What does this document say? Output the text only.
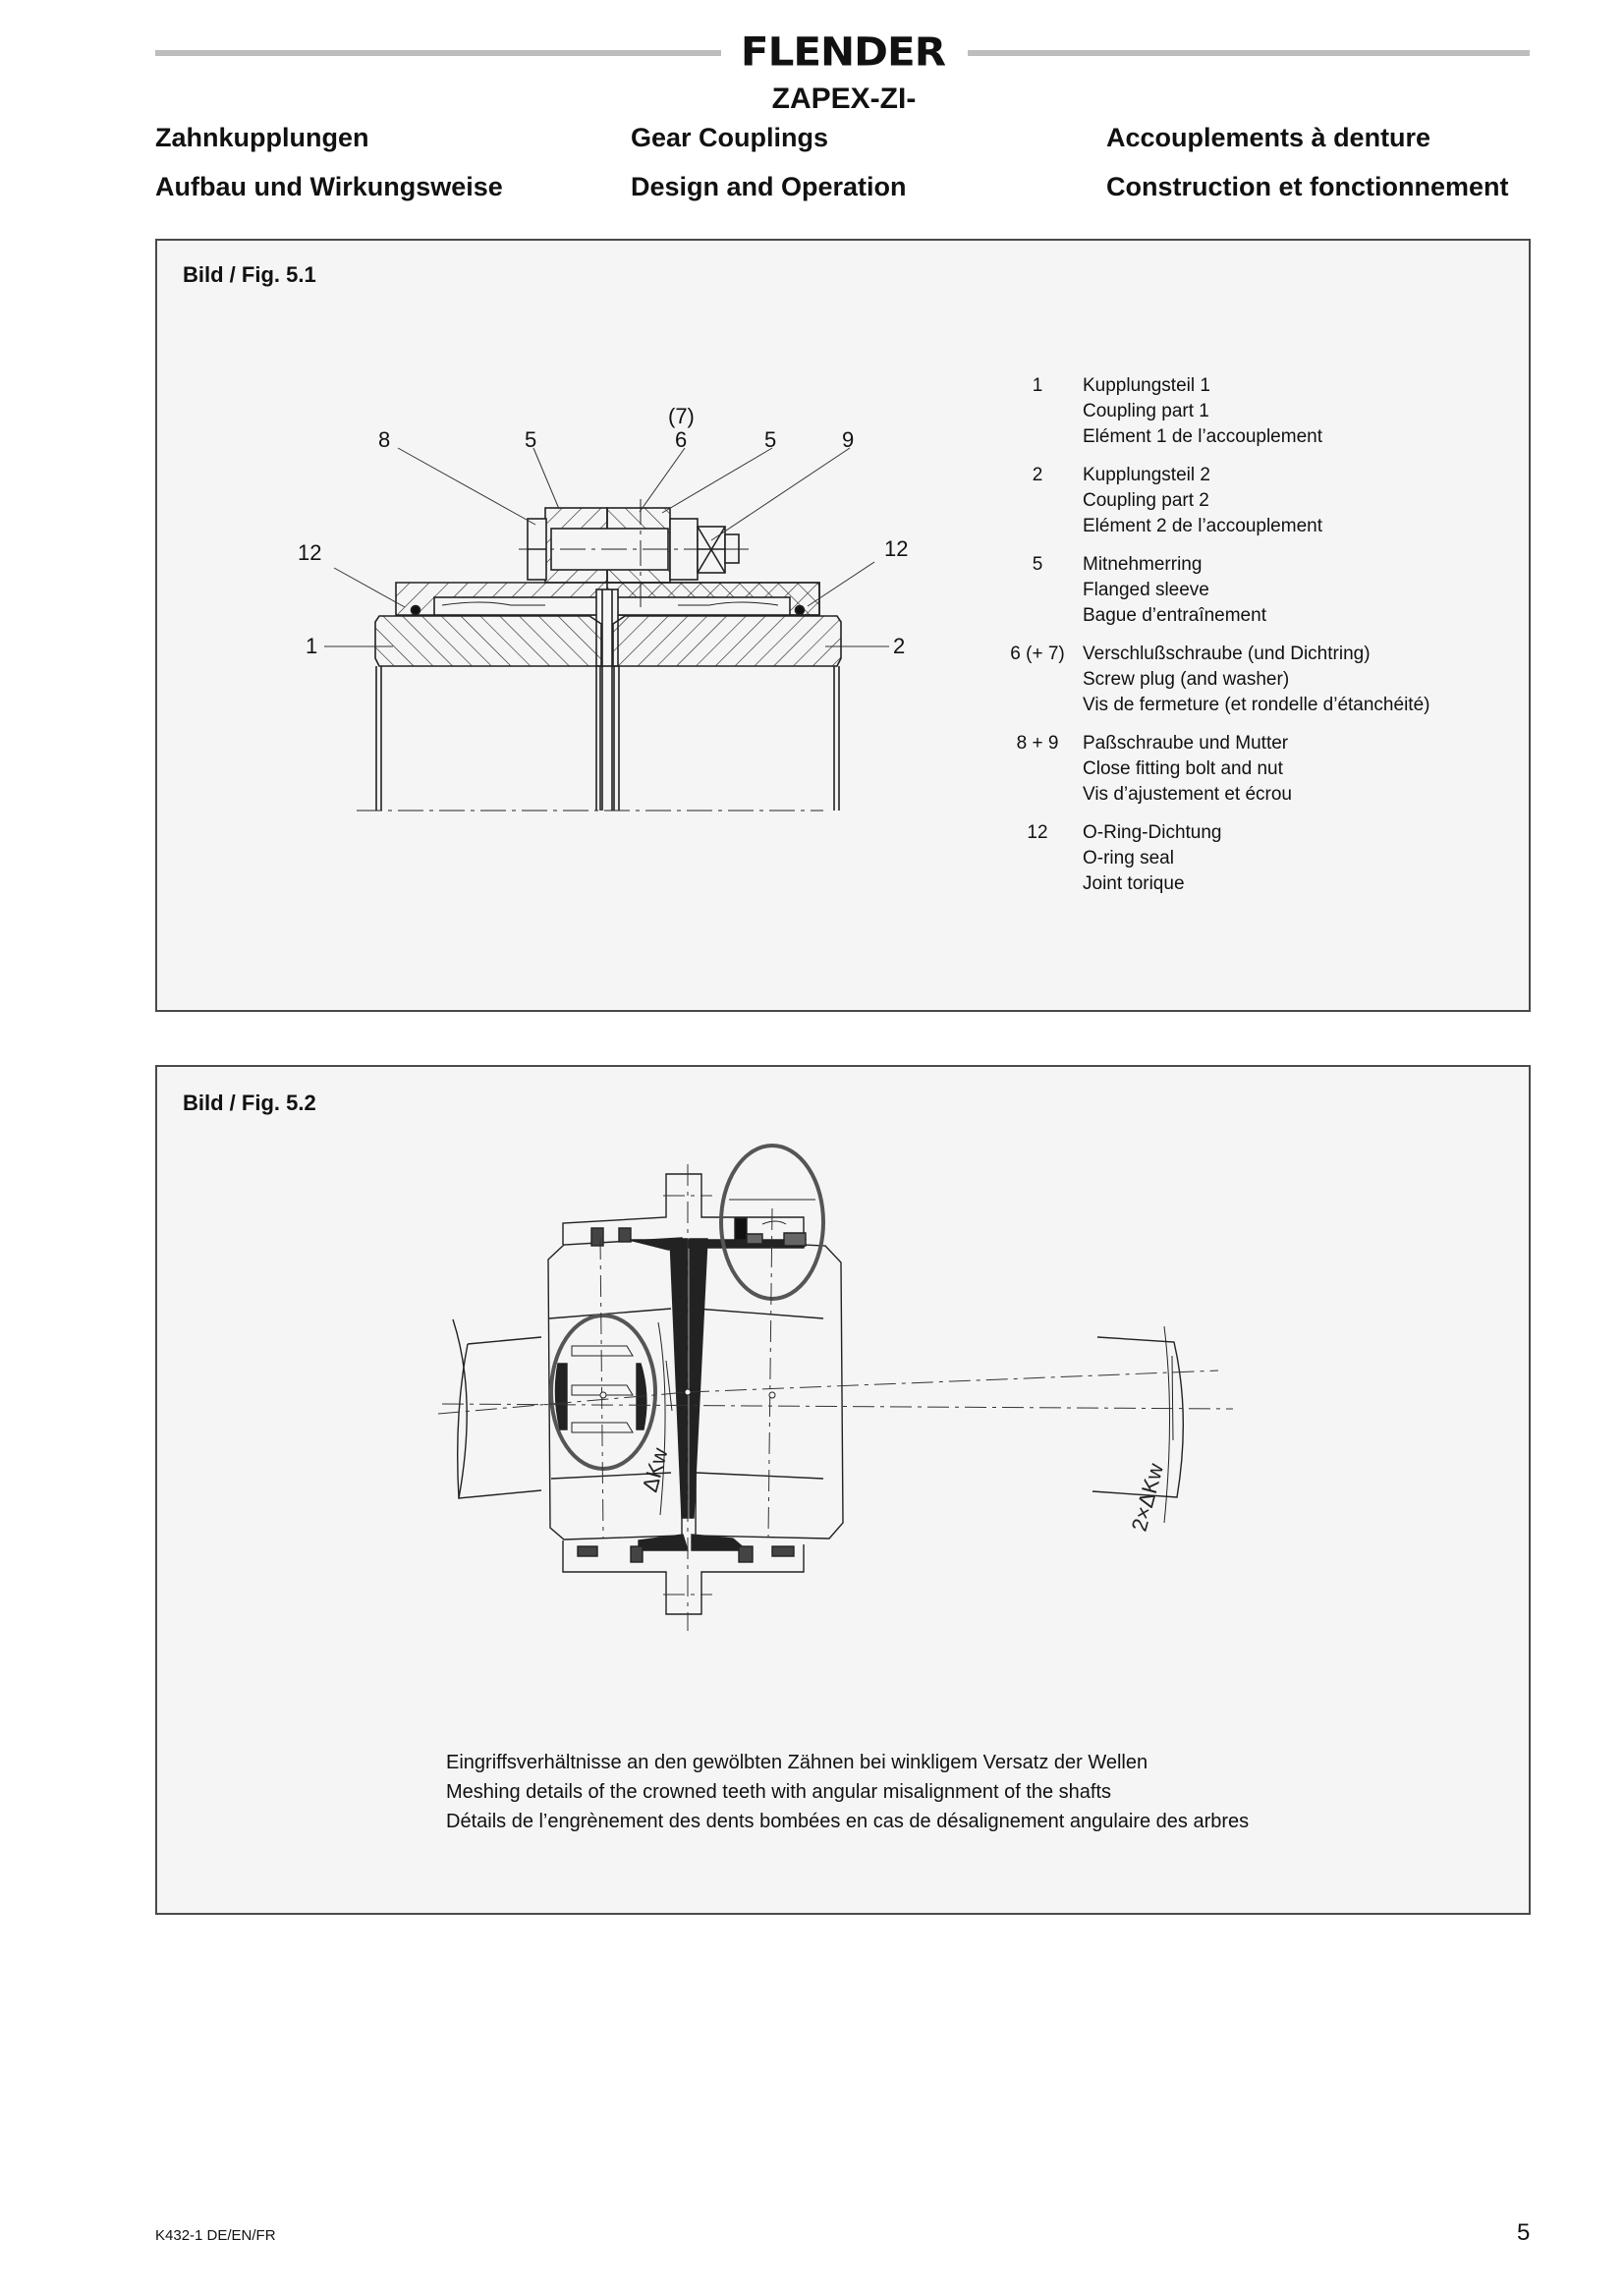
FLENDER
ZAPEX-ZI-
Zahnkupplungen	Gear Couplings	Accouplements à denture
Aufbau und Wirkungsweise	Design and Operation	Construction et fonctionnement
Bild / Fig. 5.1
8	5
(7)
6	5	9
12	12
1	2
1	Kupplungsteil 1
Coupling part 1
Elément 1 de l’accouplement
2	Kupplungsteil 2
Coupling part 2
Elément 2 de l’accouplement
5	Mitnehmerring
Flanged sleeve
Bague d’entraînement
6 (+ 7) Verschlußschraube (und Dichtring)
Screw plug (and washer)
Vis de fermeture (et rondelle d’étanchéité)
8 + 9	Paßschraube und Mutter
Close fitting bolt and nut
Vis d’ajustement et écrou
12	O-Ring-Dichtung
O-ring seal
Joint torique
Bild / Fig. 5.2
ΔKw	2×ΔKw
Eingriffsverhältnisse an den gewölbten Zähnen bei winkligem Versatz der Wellen
Meshing details of the crowned teeth with angular misalignment of the shafts
Détails de l’engrènement des dents bombées en cas de désalignement angulaire des arbres
K432-1 DE/EN/FR	5
